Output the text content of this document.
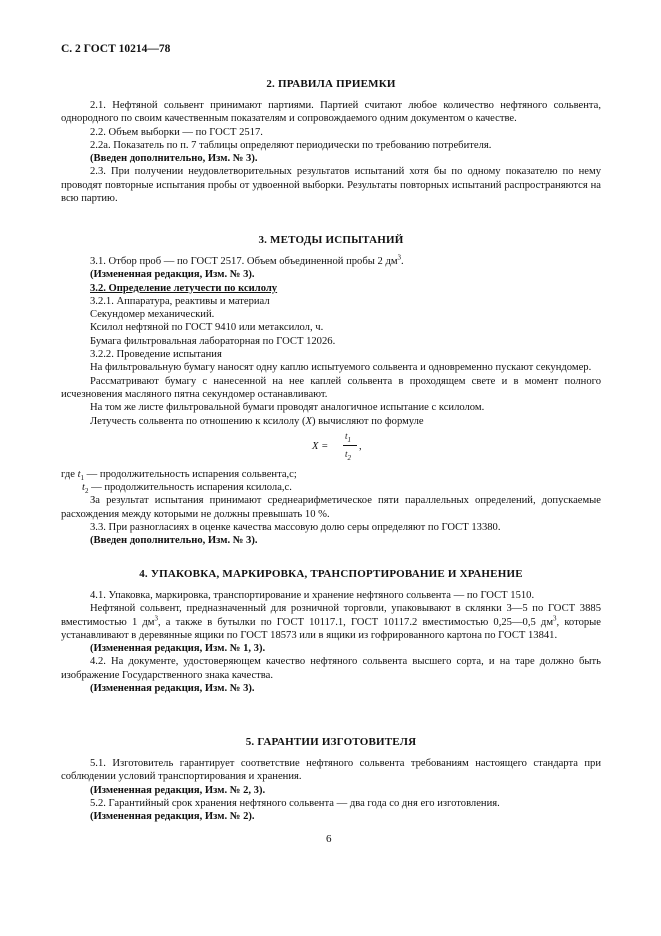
С. 2 ГОСТ 10214—78

2. ПРАВИЛА ПРИЕМКИ

2.1. Нефтяной сольвент принимают партиями. Партией считают любое количество нефтяного сольвента, однородного по своим качественным показателям и сопровождаемого одним документом о качестве.

2.2. Объем выборки — по ГОСТ 2517.

2.2а. Показатель по п. 7 таблицы определяют периодически по требованию потребителя.

(Введен дополнительно, Изм. № 3).

2.3. При получении неудовлетворительных результатов испытаний хотя бы по одному показателю по нему проводят повторные испытания пробы от удвоенной выборки. Результаты повторных испытаний распространяются на всю партию.

3. МЕТОДЫ ИСПЫТАНИЙ

3.1. Отбор проб — по ГОСТ 2517. Объем объединенной пробы 2 $дм^3$.

(Измененная редакция, Изм. № 3).

3.2. Определение летучести по ксилолу

3.2.1. Аппаратура, реактивы и материал

Секундомер механический.

Ксилол нефтяной по ГОСТ 9410 или метаксилол, ч.

Бумага фильтровальная лабораторная по ГОСТ 12026.

3.2.2. Проведение испытания

На фильтровальную бумагу наносят одну каплю испытуемого сольвента и одновременно пускают секундомер.

Рассматривают бумагу с нанесенной на нее каплей сольвента в проходящем свете и в момент полного исчезновения масляного пятна секундомер останавливают.

На том же листе фильтровальной бумаги проводят аналогичное испытание с ксилолом.

Летучесть сольвента по отношению к ксилолу (X) вычисляют по формуле

X =
$t_1$
$t_2$
,

где $t_1$ — продолжительность испарения сольвента,с;

$t_2$ — продолжительность испарения ксилола,с.

За результат испытания принимают среднеарифметическое пяти параллельных определений, допускаемые расхождения между которыми не должны превышать 10 %.

3.3. При разногласиях в оценке качества массовую долю серы определяют по ГОСТ 13380.

(Введен дополнительно, Изм. № 3).

4. УПАКОВКА, МАРКИРОВКА, ТРАНСПОРТИРОВАНИЕ И ХРАНЕНИЕ

4.1. Упаковка, маркировка, транспортирование и хранение нефтяного сольвента — по ГОСТ 1510.

Нефтяной сольвент, предназначенный для розничной торговли, упаковывают в склянки 3—5 по ГОСТ 3885 вместимостью 1 $дм^3$, а также в бутылки по ГОСТ 10117.1, ГОСТ 10117.2 вместимостью 0,25—0,5 $дм^3$, которые устанавливают в деревянные ящики по ГОСТ 18573 или в ящики из гофрированного картона по ГОСТ 13841.

(Измененная редакция, Изм. № 1, 3).

4.2. На документе, удостоверяющем качество нефтяного сольвента высшего сорта, и на таре должно быть изображение Государственного знака качества.

(Измененная редакция, Изм. № 3).

5. ГАРАНТИИ ИЗГОТОВИТЕЛЯ

5.1. Изготовитель гарантирует соответствие нефтяного сольвента требованиям настоящего стандарта при соблюдении условий транспортирования и хранения.

(Измененная редакция, Изм. № 2, 3).

5.2. Гарантийный срок хранения нефтяного сольвента — два года со дня его изготовления.

(Измененная редакция, Изм. № 2).

6
